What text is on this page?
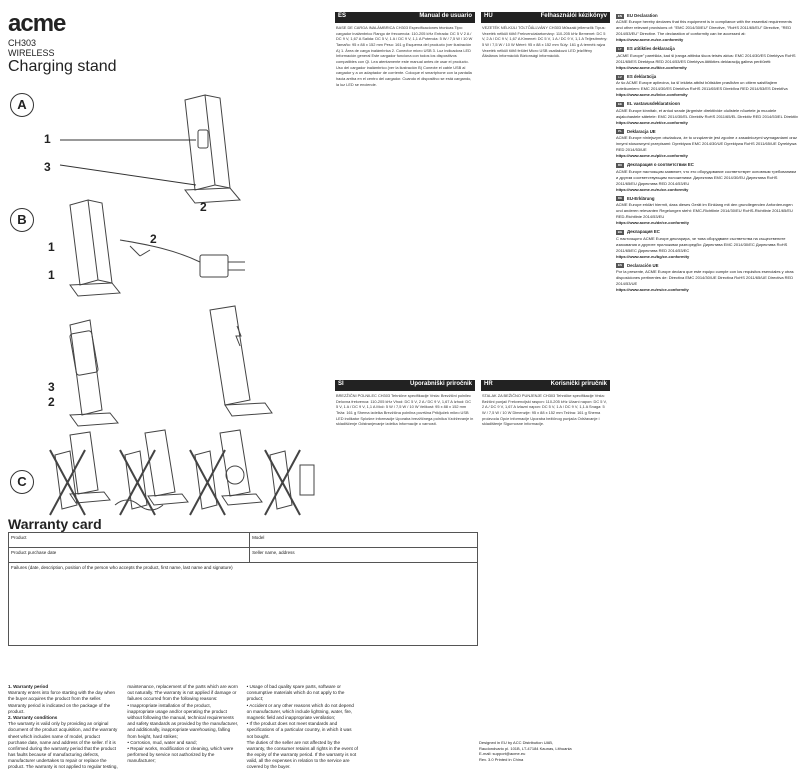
acme
CH303
WIRELESS
Charging stand
A
B
C
1
2
3
1
2
1
2
3
Warranty card
Product	Model
Product purchase date	Seller name, address
Failures (date, description, position of the person who accepts the product, first name, last name and signature)	
1. Warranty period
Warranty enters into force starting with the day when the buyer acquires the product from the seller. Warranty period is indicated on the package of the product.
2. Warranty conditions
The warranty is valid only by providing an original document of the product acquisition, and the warranty sheet which includes name of model, product purchase date, name and address of the seller. If it is confirmed during the warranty period that the product has faults because of manufacturing defects, manufacturer undertakes to repair or replace the product. The warranty is not applied to regular testing, maintenance, replacement of the parts which are worn out naturally. The warranty is not applied if damage or failures occurred from the following reasons:
• Inappropriate installation of the product, inappropriate usage and/or operating the product without following the manual, technical requirements and safety standards as provided by the manufacturer, and additionally, inappropriate warehousing, falling from height, hard strikes;
• Corrosion, mud, water and sand;
• Repair works, modification or cleaning, which were performed by service not authorized by the manufacturer;
• Usage of bad quality spare parts, software or consumptive materials which do not apply to the product;
• Accident or any other reasons which do not depend on manufacturer, which include lightning, water, fire, magnetic field and inappropriate ventilation;
• If the product does not meet standards and specifications of a particular country, in which it was not bought.
The duties of the seller are not affected by the warranty, the consumer retains all rights in the event of the expiry of the warranty period. If the warranty is not valid, all the expenses in relation to the service are covered by the buyer.
ES	Manual de usuario
BASE DE CARGA INALÁMBRICA CH303 Especificaciones técnicas Tipo: cargador inalámbrico Rango de frecuencia: 110-205 kHz Entrada: DC 5 V 2 A / DC 9 V, 1,67 A Salida: DC 5 V, 1 A / DC 9 V, 1,1 A Potencia: 5 W / 7,5 W / 10 W Tamaño: 95 x 88 x 152 mm Peso: 161 g Esquema del producto (ver ilustración A) 1. Área de carga inalámbrica 2. Conector micro USB 3. Luz indicadora LED Información general Este cargador funciona con todos los dispositivos compatibles con Qi. Lea atentamente este manual antes de usar el producto. Uso del cargador inalámbrico (ver la ilustración B) Conecte el cable USB al cargador y a un adaptador de corriente. Coloque el smartphone con la pantalla hacia arriba en el centro del cargador. Cuando el dispositivo se está cargando, la luz LED se enciende.
SI	Uporabniški priročnik
BREZŽIČNI POLNILEC CH303 Tehnične specifikacije Vrsta: Brezžični polnilec Delovna frekvenca: 110-205 kHz Vhod: DC 5 V, 2 A / DC 9 V, 1,67 A Izhod: DC 5 V, 1 A / DC 9 V, 1,1 A Moč: 5 W / 7,5 W / 10 W Velikost: 95 x 88 x 152 mm Teža: 161 g Shema izdelka Brezžična polnilna površina Priključek mikro USB LED indikator Splošne informacije Uporaba brezžičnega polnilca Vzdrževanje in skladiščenje Odstranjevanje izdelka Informacije o varnosti.
HU	Felhasználói kézikönyv
VEZETÉK NÉLKÜLI TÖLTŐÁLLVÁNY CH303 Műszaki jellemzők Típus: Vezeték nélküli töltő Frekvenciatartomány: 110-205 kHz Bemenet: DC 5 V, 2 A / DC 9 V, 1,67 A Kimenet: DC 5 V, 1 A / DC 9 V, 1,1 A Teljesítmény: 5 W / 7,5 W / 10 W Méret: 95 x 88 x 152 mm Súly: 161 g A termék rajza Vezeték nélküli töltő felület Micro USB csatlakozó LED jelzőfény Általános információk Biztonsági információk.
HR	Korisnički priručnik
STALAK ZA BEŽIČNO PUNJENJE CH303 Tehničke specifikacije Vrsta: Bežični punjač Frekvencijski raspon: 110-205 kHz Ulazni napon: DC 5 V, 2 A / DC 9 V, 1,67 A Izlazni napon: DC 5 V, 1 A / DC 9 V, 1,1 A Snaga: 5 W / 7,5 W / 10 W Dimenzije: 95 x 88 x 152 mm Težina: 161 g Shema proizvoda Opće informacije Uporaba bežičnog punjača Održavanje i skladištenje Sigurnosne informacije.
Designed in EU by ACC Distribution UAB,
Raudondvario pl. 101B, LT-47184 Kaunas, Lithuania
E-mail: support@acme.eu
Rev. 3.0 Printed in China
EN	EU Declaration
ACME Europe hereby declares that this equipment is in compliance with the essential requirements and other relevant provisions of: "EMC 2014/30/EU" Directive, "RoHS 2011/65/EU" Directive, "RED 2014/53/EU" Directive. The declaration of conformity can be accessed at:
https://www.acme.eu/ce-conformity
LT	ES atitikties deklaracija
„ACME Europe" pareiškia, kad ši įranga atitinka šiuos teisės aktus: EMC 2014/30/ES Direktyva RoHS 2011/65/ES Direktyva RED 2014/53/ES Direktyva Atitikties deklaraciją galima peržiūrėti:
https://www.acme.eu/lt/ce-conformity
LV	ES deklarācija
Ar šo ACME Europe apliecina, ka šī iekārta atbilst būtiskām prasībām un citiem saistītajiem noteikumiem: EMC 2014/30/ES Direktīva RoHS 2011/65/ES Direktīva RED 2014/53/ES Direktīva
https://www.acme.eu/lv/ce-conformity
EE	EL vastavusdeklaratsioon
ACME Europe kinnitab, et antud seade järgmiste direktiivide olulistele nõuetele ja muudele asjakohastele sätetele: EMC 2014/30/EL Direktiiv RoHS 2011/65/EL Direktiiv RED 2014/53/EL Direktiiv
https://www.acme.eu/et/ce-conformity
PL	Deklaracja UE
ACME Europe niniejszym oświadcza, że to urządzenie jest zgodne z zasadniczymi wymaganiami oraz innymi stosownymi przepisami: Dyrektywa EMC 2014/30/UE Dyrektywa RoHS 2011/65/UE Dyrektywa RED 2014/53/UE
https://www.acme.eu/pl/ce-conformity
RU	Декларация о соответствии ЕС
ACME Europe настоящим заявляет, что это оборудование соответствует основным требованиям и другим соответствующим положениям: Директива EMC 2014/30/EU Директива RoHS 2011/65/EU Директива RED 2014/53/EU
https://www.acme.eu/ru/ce-conformity
DE	EU-Erklärung
ACME Europe erklärt hiermit, dass dieses Gerät im Einklang mit den grundlegenden Anforderungen und anderen relevanten Regelungen steht: EMC-Richtlinie 2014/30/EU RoHS-Richtlinie 2011/65/EU RED-Richtlinie 2014/53/EU
https://www.acme.eu/de/ce-conformity
BG	Декларация ЕС
С настоящото ACME Europe декларира, че това оборудване съответства на съществените изисквания и другите приложими разпоредби: Директива EMC 2014/30/ЕС Директива RoHS 2011/65/ЕС Директива RED 2014/53/ЕС
https://www.acme.eu/bg/ce-conformity
ES	Declaración UE
Por la presente, ACME Europe declara que este equipo cumple con los requisitos esenciales y otras disposiciones pertinentes de: Directiva EMC 2014/30/UE Directiva RoHS 2011/65/UE Directiva RED 2014/53/UE
https://www.acme.eu/es/ce-conformity
